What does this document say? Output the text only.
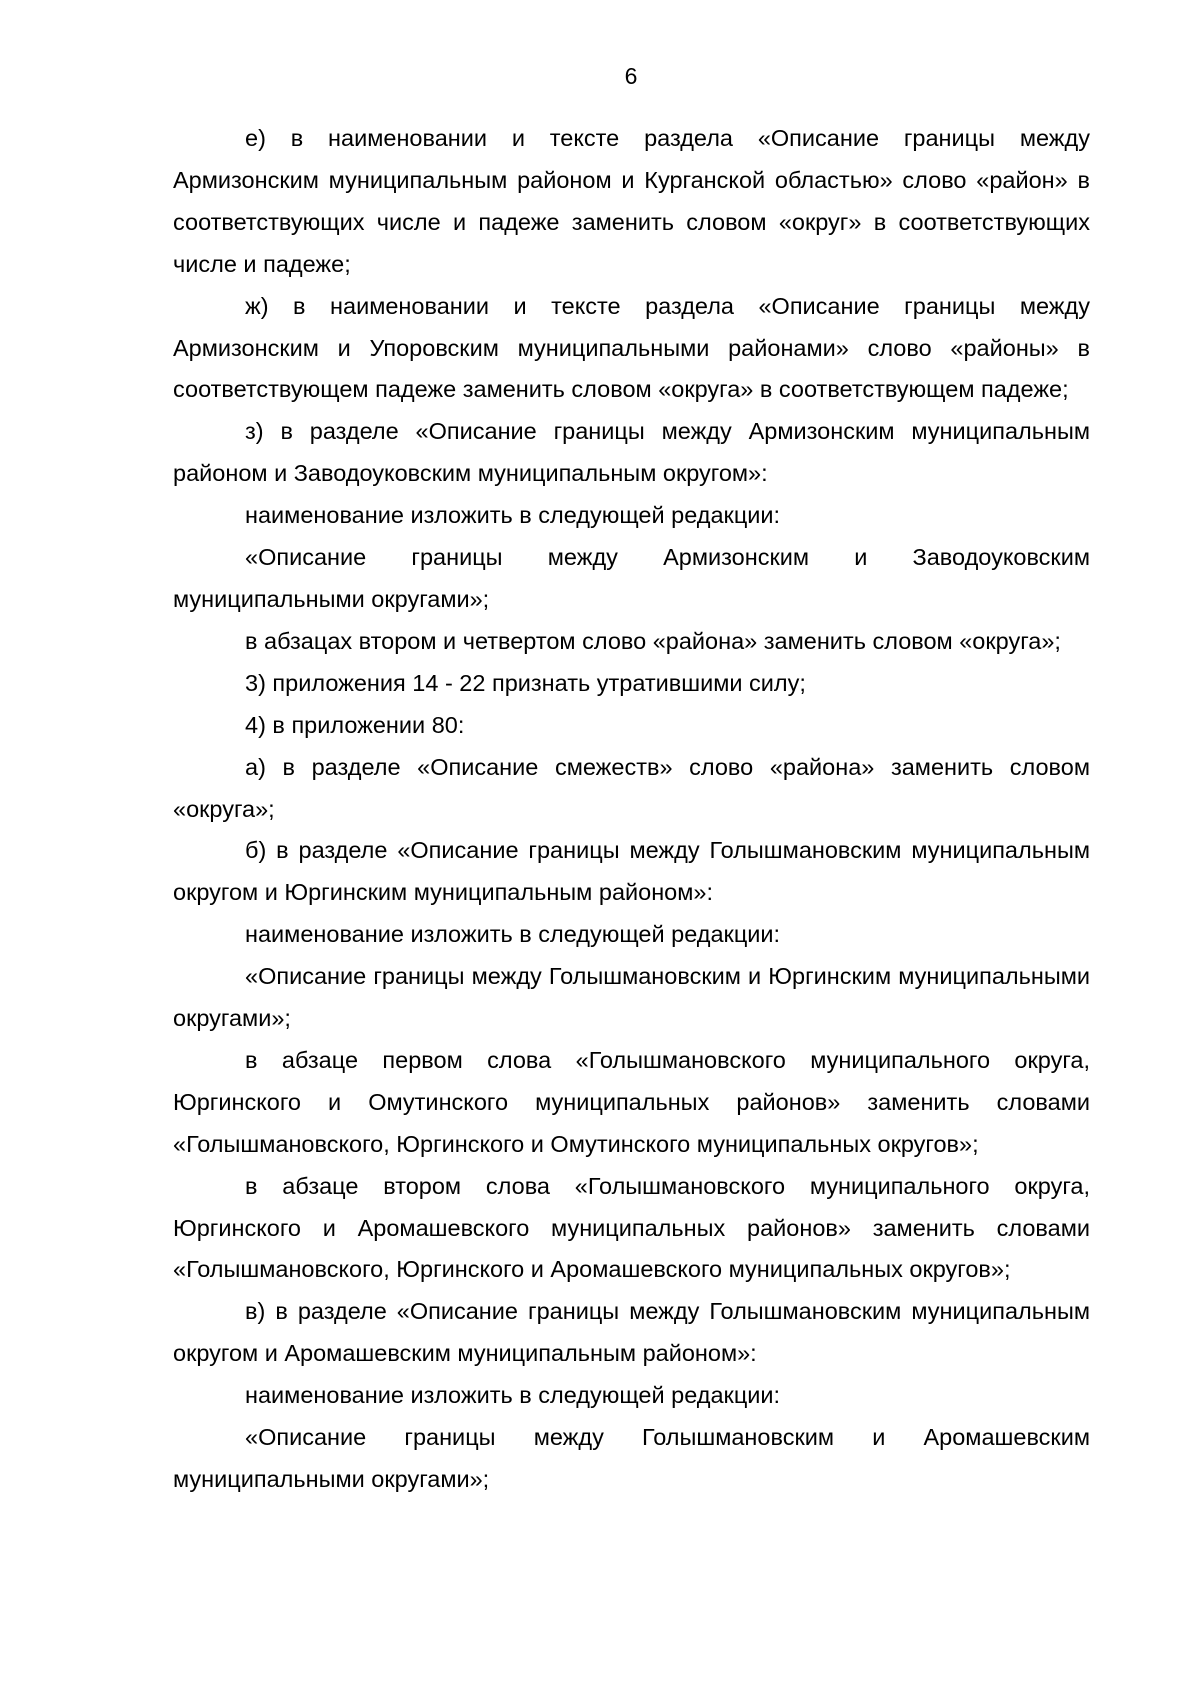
6

е) в наименовании и тексте раздела «Описание границы между Армизонским муниципальным районом и Курганской областью» слово «район» в соответствующих числе и падеже заменить словом «округ» в соответствующих числе и падеже;

ж) в наименовании и тексте раздела «Описание границы между Армизонским и Упоровским муниципальными районами» слово «районы» в соответствующем падеже заменить словом «округа» в соответствующем падеже;

з) в разделе «Описание границы между Армизонским муниципальным районом и Заводоуковским муниципальным округом»:

наименование изложить в следующей редакции:

«Описание границы между Армизонским и Заводоуковским муниципальными округами»;

в абзацах втором и четвертом слово «района» заменить словом «округа»;

3) приложения 14 - 22 признать утратившими силу;

4) в приложении 80:

а) в разделе «Описание смежеств» слово «района» заменить словом «округа»;

б) в разделе «Описание границы между Голышмановским муниципальным округом и Юргинским муниципальным районом»:

наименование изложить в следующей редакции:

«Описание границы между Голышмановским и Юргинским муниципальными округами»;

в абзаце первом слова «Голышмановского муниципального округа, Юргинского и Омутинского муниципальных районов» заменить словами «Голышмановского, Юргинского и Омутинского муниципальных округов»;

в абзаце втором слова «Голышмановского муниципального округа, Юргинского и Аромашевского муниципальных районов» заменить словами «Голышмановского, Юргинского и Аромашевского муниципальных округов»;

в) в разделе «Описание границы между Голышмановским муниципальным округом и Аромашевским муниципальным районом»:

наименование изложить в следующей редакции:

«Описание границы между Голышмановским и Аромашевским муниципальными округами»;
